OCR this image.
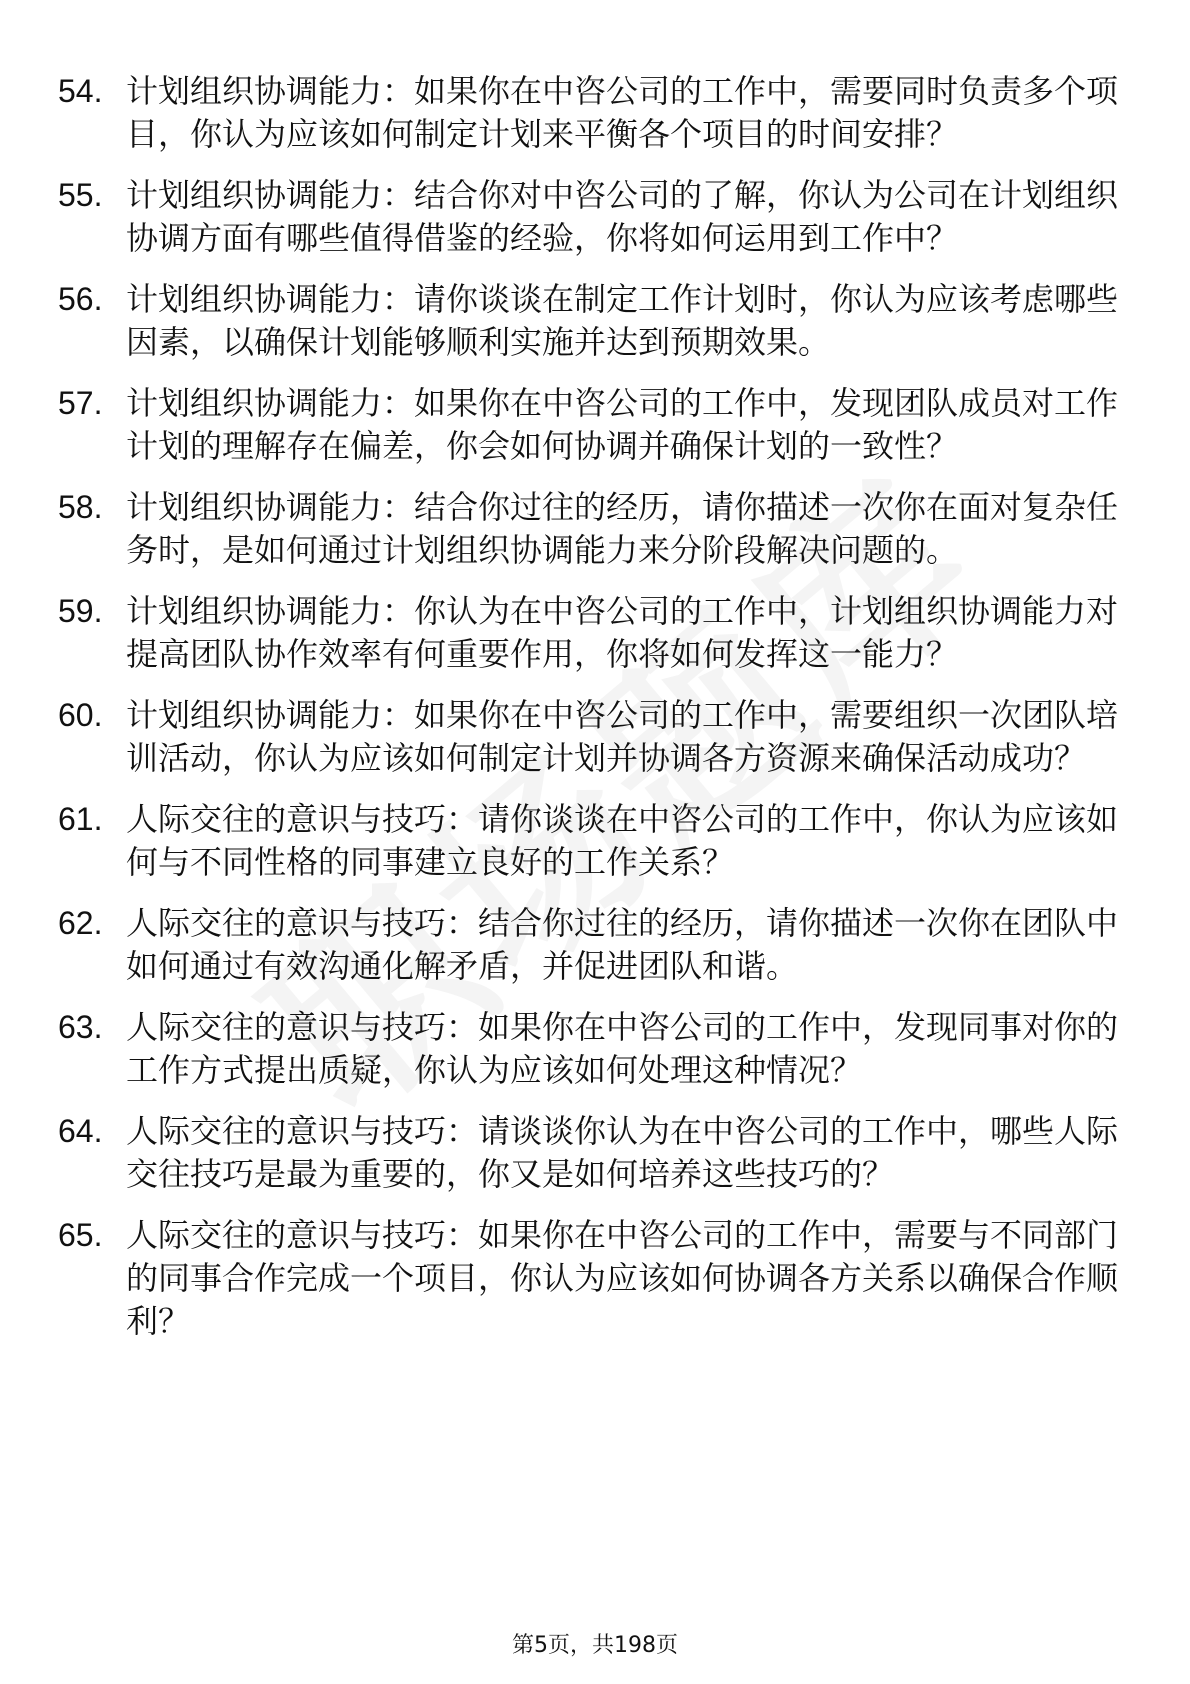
54. 计划组织协调能力：如果你在中咨公司的工作中，需要同时负责多个项目，你认为应该如何制定计划来平衡各个项目的时间安排？
55. 计划组织协调能力：结合你对中咨公司的了解，你认为公司在计划组织协调方面有哪些值得借鉴的经验，你将如何运用到工作中？
56. 计划组织协调能力：请你谈谈在制定工作计划时，你认为应该考虑哪些因素，以确保计划能够顺利实施并达到预期效果。
57. 计划组织协调能力：如果你在中咨公司的工作中，发现团队成员对工作计划的理解存在偏差，你会如何协调并确保计划的一致性？
58. 计划组织协调能力：结合你过往的经历，请你描述一次你在面对复杂任务时，是如何通过计划组织协调能力来分阶段解决问题的。
59. 计划组织协调能力：你认为在中咨公司的工作中，计划组织协调能力对提高团队协作效率有何重要作用，你将如何发挥这一能力？
60. 计划组织协调能力：如果你在中咨公司的工作中，需要组织一次团队培训活动，你认为应该如何制定计划并协调各方资源来确保活动成功？
61. 人际交往的意识与技巧：请你谈谈在中咨公司的工作中，你认为应该如何与不同性格的同事建立良好的工作关系？
62. 人际交往的意识与技巧：结合你过往的经历，请你描述一次你在团队中如何通过有效沟通化解矛盾，并促进团队和谐。
63. 人际交往的意识与技巧：如果你在中咨公司的工作中，发现同事对你的工作方式提出质疑，你认为应该如何处理这种情况？
64. 人际交往的意识与技巧：请谈谈你认为在中咨公司的工作中，哪些人际交往技巧是最为重要的，你又是如何培养这些技巧的？
65. 人际交往的意识与技巧：如果你在中咨公司的工作中，需要与不同部门的同事合作完成一个项目，你认为应该如何协调各方关系以确保合作顺利？
第5页，共198页
